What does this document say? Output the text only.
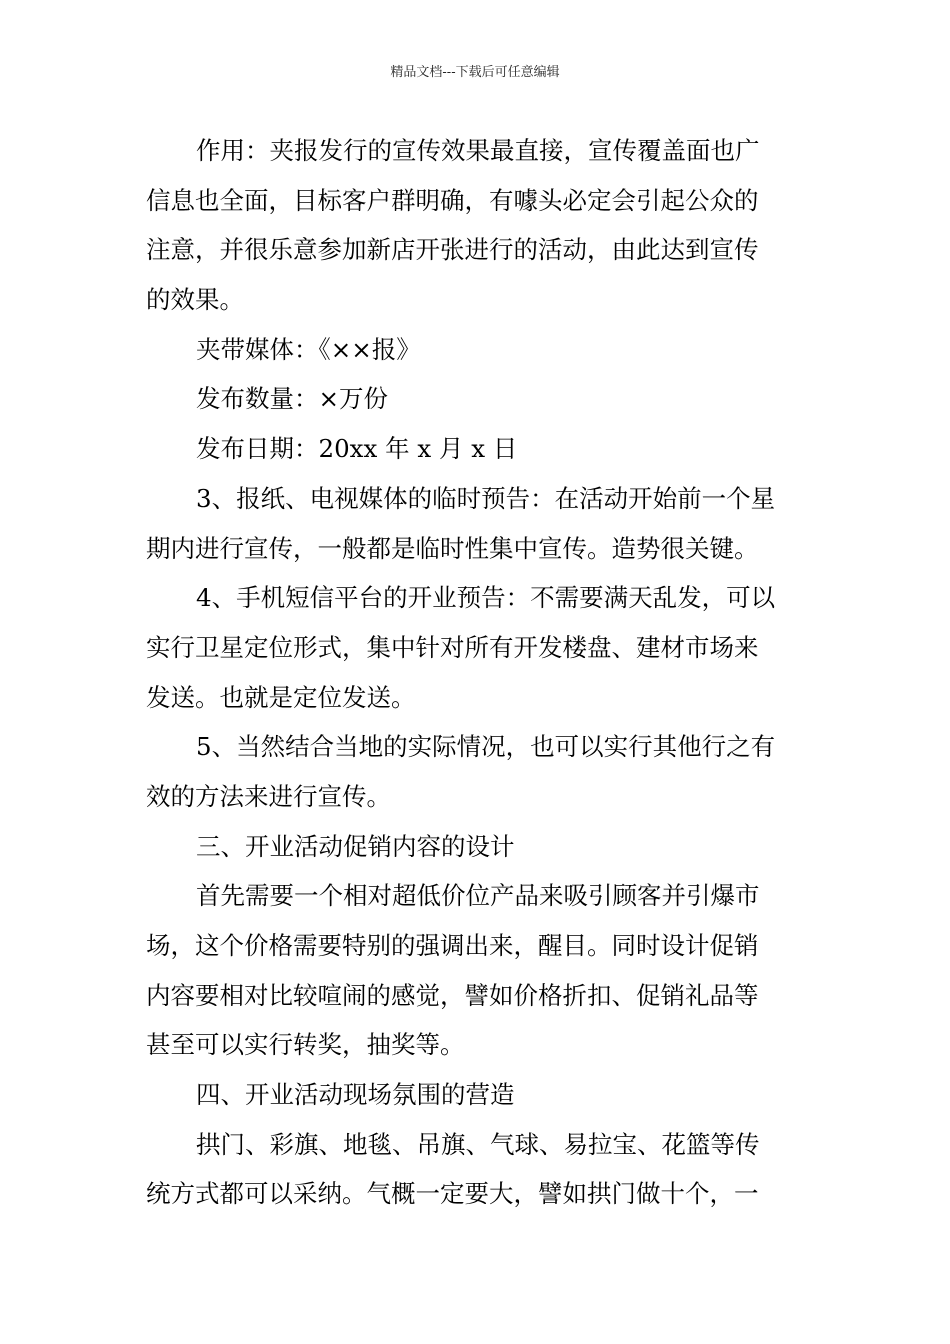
精品文档---下载后可任意编辑
作用：夹报发行的宣传效果最直接，宣传覆盖面也广
信息也全面，目标客户群明确，有噱头必定会引起公众的
注意，并很乐意参加新店开张进行的活动，由此达到宣传
的效果。
夹带媒体：《××报》
发布数量：×万份
发布日期：20xx 年 x 月 x 日
3、报纸、电视媒体的临时预告：在活动开始前一个星
期内进行宣传，一般都是临时性集中宣传。造势很关键。
4、手机短信平台的开业预告：不需要满天乱发，可以
实行卫星定位形式，集中针对所有开发楼盘、建材市场来
发送。也就是定位发送。
5、当然结合当地的实际情况，也可以实行其他行之有
效的方法来进行宣传。
三、开业活动促销内容的设计
首先需要一个相对超低价位产品来吸引顾客并引爆市
场，这个价格需要特别的强调出来，醒目。同时设计促销
内容要相对比较喧闹的感觉，譬如价格折扣、促销礼品等
甚至可以实行转奖，抽奖等。
四、开业活动现场氛围的营造
拱门、彩旗、地毯、吊旗、气球、易拉宝、花篮等传
统方式都可以采纳。气概一定要大，譬如拱门做十个，一
